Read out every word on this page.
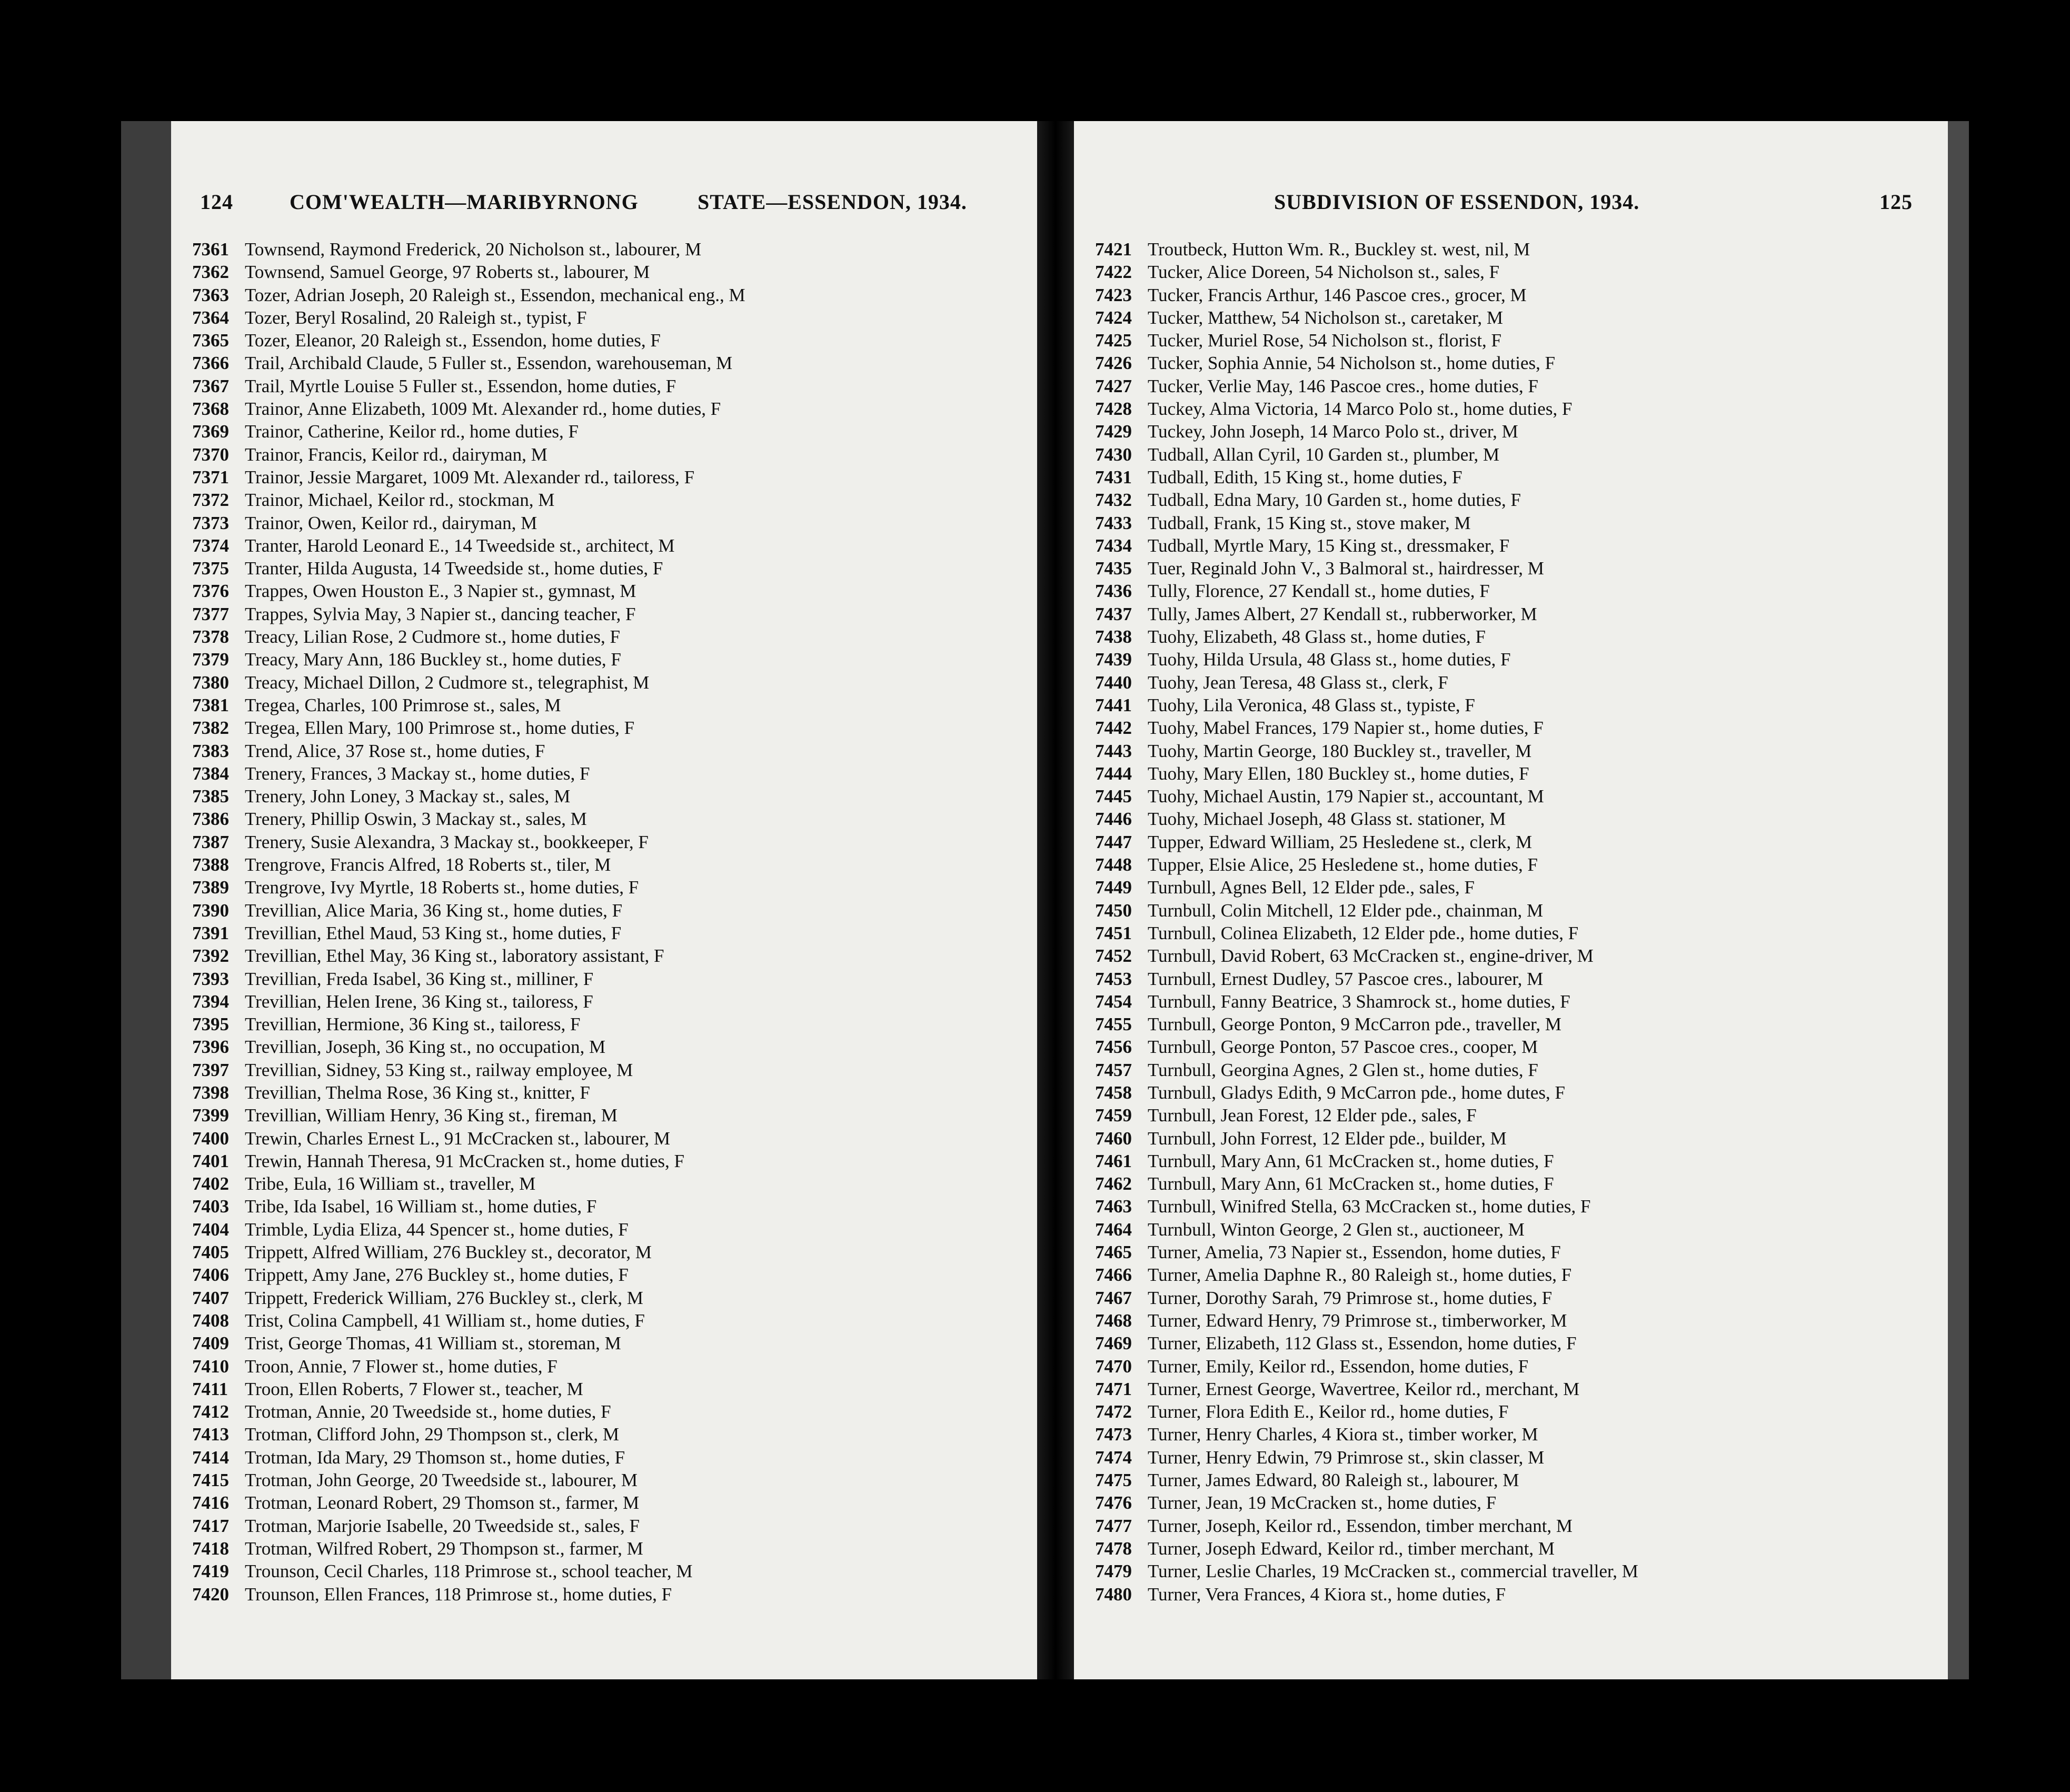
124	COM'WEALTH—MARIBYRNONG	STATE—ESSENDON, 1934.
7361 Townsend, Raymond Frederick, 20 Nicholson st., labourer, M
7362 Townsend, Samuel George, 97 Roberts st., labourer, M
7363 Tozer, Adrian Joseph, 20 Raleigh st., Essendon, mechanical eng., M
7364 Tozer, Beryl Rosalind, 20 Raleigh st., typist, F
7365 Tozer, Eleanor, 20 Raleigh st., Essendon, home duties, F
7366 Trail, Archibald Claude, 5 Fuller st., Essendon, warehouseman, M
7367 Trail, Myrtle Louise 5 Fuller st., Essendon, home duties, F
7368 Trainor, Anne Elizabeth, 1009 Mt. Alexander rd., home duties, F
7369 Trainor, Catherine, Keilor rd., home duties, F
7370 Trainor, Francis, Keilor rd., dairyman, M
7371 Trainor, Jessie Margaret, 1009 Mt. Alexander rd., tailoress, F
7372 Trainor, Michael, Keilor rd., stockman, M
7373 Trainor, Owen, Keilor rd., dairyman, M
7374 Tranter, Harold Leonard E., 14 Tweedside st., architect, M
7375 Tranter, Hilda Augusta, 14 Tweedside st., home duties, F
7376 Trappes, Owen Houston E., 3 Napier st., gymnast, M
7377 Trappes, Sylvia May, 3 Napier st., dancing teacher, F
7378 Treacy, Lilian Rose, 2 Cudmore st., home duties, F
7379 Treacy, Mary Ann, 186 Buckley st., home duties, F
7380 Treacy, Michael Dillon, 2 Cudmore st., telegraphist, M
7381 Tregea, Charles, 100 Primrose st., sales, M
7382 Tregea, Ellen Mary, 100 Primrose st., home duties, F
7383 Trend, Alice, 37 Rose st., home duties, F
7384 Trenery, Frances, 3 Mackay st., home duties, F
7385 Trenery, John Loney, 3 Mackay st., sales, M
7386 Trenery, Phillip Oswin, 3 Mackay st., sales, M
7387 Trenery, Susie Alexandra, 3 Mackay st., bookkeeper, F
7388 Trengrove, Francis Alfred, 18 Roberts st., tiler, M
7389 Trengrove, Ivy Myrtle, 18 Roberts st., home duties, F
7390 Trevillian, Alice Maria, 36 King st., home duties, F
7391 Trevillian, Ethel Maud, 53 King st., home duties, F
7392 Trevillian, Ethel May, 36 King st., laboratory assistant, F
7393 Trevillian, Freda Isabel, 36 King st., milliner, F
7394 Trevillian, Helen Irene, 36 King st., tailoress, F
7395 Trevillian, Hermione, 36 King st., tailoress, F
7396 Trevillian, Joseph, 36 King st., no occupation, M
7397 Trevillian, Sidney, 53 King st., railway employee, M
7398 Trevillian, Thelma Rose, 36 King st., knitter, F
7399 Trevillian, William Henry, 36 King st., fireman, M
7400 Trewin, Charles Ernest L., 91 McCracken st., labourer, M
7401 Trewin, Hannah Theresa, 91 McCracken st., home duties, F
7402 Tribe, Eula, 16 William st., traveller, M
7403 Tribe, Ida Isabel, 16 William st., home duties, F
7404 Trimble, Lydia Eliza, 44 Spencer st., home duties, F
7405 Trippett, Alfred William, 276 Buckley st., decorator, M
7406 Trippett, Amy Jane, 276 Buckley st., home duties, F
7407 Trippett, Frederick William, 276 Buckley st., clerk, M
7408 Trist, Colina Campbell, 41 William st., home duties, F
7409 Trist, George Thomas, 41 William st., storeman, M
7410 Troon, Annie, 7 Flower st., home duties, F
7411 Troon, Ellen Roberts, 7 Flower st., teacher, M
7412 Trotman, Annie, 20 Tweedside st., home duties, F
7413 Trotman, Clifford John, 29 Thompson st., clerk, M
7414 Trotman, Ida Mary, 29 Thomson st., home duties, F
7415 Trotman, John George, 20 Tweedside st., labourer, M
7416 Trotman, Leonard Robert, 29 Thomson st., farmer, M
7417 Trotman, Marjorie Isabelle, 20 Tweedside st., sales, F
7418 Trotman, Wilfred Robert, 29 Thompson st., farmer, M
7419 Trounson, Cecil Charles, 118 Primrose st., school teacher, M
7420 Trounson, Ellen Frances, 118 Primrose st., home duties, F
SUBDIVISION OF ESSENDON, 1934.	125
7421 Troutbeck, Hutton Wm. R., Buckley st. west, nil, M
7422 Tucker, Alice Doreen, 54 Nicholson st., sales, F
7423 Tucker, Francis Arthur, 146 Pascoe cres., grocer, M
7424 Tucker, Matthew, 54 Nicholson st., caretaker, M
7425 Tucker, Muriel Rose, 54 Nicholson st., florist, F
7426 Tucker, Sophia Annie, 54 Nicholson st., home duties, F
7427 Tucker, Verlie May, 146 Pascoe cres., home duties, F
7428 Tuckey, Alma Victoria, 14 Marco Polo st., home duties, F
7429 Tuckey, John Joseph, 14 Marco Polo st., driver, M
7430 Tudball, Allan Cyril, 10 Garden st., plumber, M
7431 Tudball, Edith, 15 King st., home duties, F
7432 Tudball, Edna Mary, 10 Garden st., home duties, F
7433 Tudball, Frank, 15 King st., stove maker, M
7434 Tudball, Myrtle Mary, 15 King st., dressmaker, F
7435 Tuer, Reginald John V., 3 Balmoral st., hairdresser, M
7436 Tully, Florence, 27 Kendall st., home duties, F
7437 Tully, James Albert, 27 Kendall st., rubberworker, M
7438 Tuohy, Elizabeth, 48 Glass st., home duties, F
7439 Tuohy, Hilda Ursula, 48 Glass st., home duties, F
7440 Tuohy, Jean Teresa, 48 Glass st., clerk, F
7441 Tuohy, Lila Veronica, 48 Glass st., typiste, F
7442 Tuohy, Mabel Frances, 179 Napier st., home duties, F
7443 Tuohy, Martin George, 180 Buckley st., traveller, M
7444 Tuohy, Mary Ellen, 180 Buckley st., home duties, F
7445 Tuohy, Michael Austin, 179 Napier st., accountant, M
7446 Tuohy, Michael Joseph, 48 Glass st. stationer, M
7447 Tupper, Edward William, 25 Hesledene st., clerk, M
7448 Tupper, Elsie Alice, 25 Hesledene st., home duties, F
7449 Turnbull, Agnes Bell, 12 Elder pde., sales, F
7450 Turnbull, Colin Mitchell, 12 Elder pde., chainman, M
7451 Turnbull, Colinea Elizabeth, 12 Elder pde., home duties, F
7452 Turnbull, David Robert, 63 McCracken st., engine-driver, M
7453 Turnbull, Ernest Dudley, 57 Pascoe cres., labourer, M
7454 Turnbull, Fanny Beatrice, 3 Shamrock st., home duties, F
7455 Turnbull, George Ponton, 9 McCarron pde., traveller, M
7456 Turnbull, George Ponton, 57 Pascoe cres., cooper, M
7457 Turnbull, Georgina Agnes, 2 Glen st., home duties, F
7458 Turnbull, Gladys Edith, 9 McCarron pde., home dutes, F
7459 Turnbull, Jean Forest, 12 Elder pde., sales, F
7460 Turnbull, John Forrest, 12 Elder pde., builder, M
7461 Turnbull, Mary Ann, 61 McCracken st., home duties, F
7462 Turnbull, Mary Ann, 61 McCracken st., home duties, F
7463 Turnbull, Winifred Stella, 63 McCracken st., home duties, F
7464 Turnbull, Winton George, 2 Glen st., auctioneer, M
7465 Turner, Amelia, 73 Napier st., Essendon, home duties, F
7466 Turner, Amelia Daphne R., 80 Raleigh st., home duties, F
7467 Turner, Dorothy Sarah, 79 Primrose st., home duties, F
7468 Turner, Edward Henry, 79 Primrose st., timberworker, M
7469 Turner, Elizabeth, 112 Glass st., Essendon, home duties, F
7470 Turner, Emily, Keilor rd., Essendon, home duties, F
7471 Turner, Ernest George, Wavertree, Keilor rd., merchant, M
7472 Turner, Flora Edith E., Keilor rd., home duties, F
7473 Turner, Henry Charles, 4 Kiora st., timber worker, M
7474 Turner, Henry Edwin, 79 Primrose st., skin classer, M
7475 Turner, James Edward, 80 Raleigh st., labourer, M
7476 Turner, Jean, 19 McCracken st., home duties, F
7477 Turner, Joseph, Keilor rd., Essendon, timber merchant, M
7478 Turner, Joseph Edward, Keilor rd., timber merchant, M
7479 Turner, Leslie Charles, 19 McCracken st., commercial traveller, M
7480 Turner, Vera Frances, 4 Kiora st., home duties, F
